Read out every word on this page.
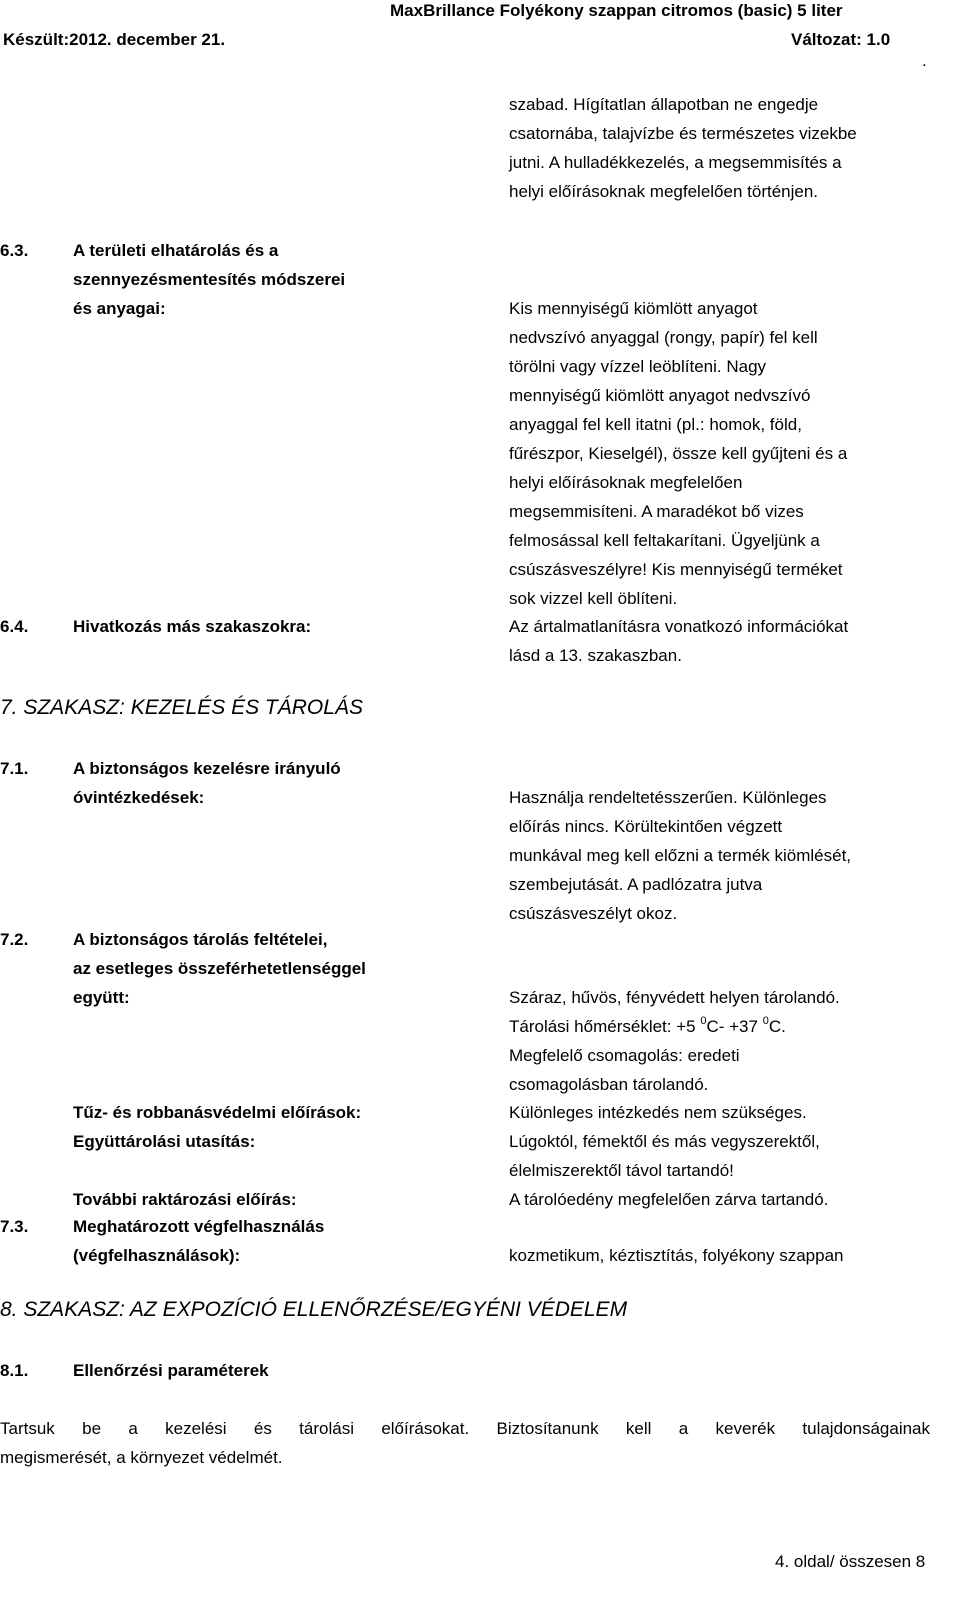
MaxBrillance Folyékony szappan citromos (basic) 5 liter
Készült:2012. december 21.	Változat: 1.0
.
szabad. Hígítatlan állapotban ne engedje
csatornába, talajvízbe és természetes vizekbe
jutni. A hulladékkezelés, a megsemmisítés a
helyi előírásoknak megfelelően történjen.
6.3.	A területi elhatárolás és a
szennyezésmentesítés módszerei
és anyagai:	Kis mennyiségű kiömlött anyagot
nedvszívó anyaggal (rongy, papír) fel kell
törölni vagy vízzel leöblíteni. Nagy
mennyiségű kiömlött anyagot nedvszívó
anyaggal fel kell itatni (pl.: homok, föld,
fűrészpor, Kieselgél), össze kell gyűjteni és a
helyi előírásoknak megfelelően
megsemmisíteni. A maradékot bő vizes
felmosással kell feltakarítani. Ügyeljünk a
csúszásveszélyre! Kis mennyiségű terméket
sok vizzel kell öblíteni.
6.4.	Hivatkozás más szakaszokra:	Az ártalmatlanításra vonatkozó információkat
lásd a 13. szakaszban.
7. SZAKASZ: KEZELÉS ÉS TÁROLÁS
7.1.	A biztonságos kezelésre irányuló
óvintézkedések:	Használja rendeltetésszerűen. Különleges
előírás nincs. Körültekintően végzett
munkával meg kell előzni a termék kiömlését,
szembejutását. A padlózatra jutva
csúszásveszélyt okoz.
7.2.	A biztonságos tárolás feltételei,
az esetleges összeférhetetlenséggel
együtt:	Száraz, hűvös, fényvédett helyen tárolandó.
Tárolási hőmérséklet: +5 $^0$C- +37 $^0$C.
Megfelelő csomagolás: eredeti
csomagolásban tárolandó.
Tűz- és robbanásvédelmi előírások:	Különleges intézkedés nem szükséges.
Együttárolási utasítás:	Lúgoktól, fémektől és más vegyszerektől,
élelmiszerektől távol tartandó!
További raktározási előírás:	A tárolóedény megfelelően zárva tartandó.
7.3.	Meghatározott végfelhasználás
(végfelhasználások):	kozmetikum, kéztisztítás, folyékony szappan
8. SZAKASZ: AZ EXPOZÍCIÓ ELLENŐRZÉSE/EGYÉNI VÉDELEM
8.1.	Ellenőrzési paraméterek
Tartsuk be a kezelési és tárolási előírásokat. Biztosítanunk kell a keverék tulajdonságainak
megismerését, a környezet védelmét.
4. oldal/ összesen 8
